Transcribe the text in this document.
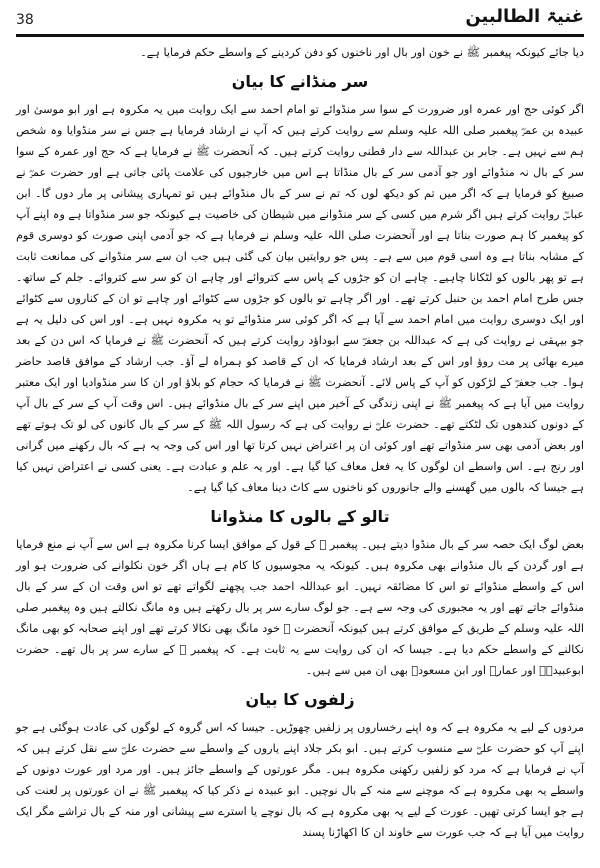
38	غنیۃ الطالبین

دیا جائے کیونکہ پیغمبر ﷺ نے خون اور بال اور ناخنوں کو دفن کردینے کے واسطے حکم فرمایا ہے۔

سر منڈانے کا بیان

اگر کوئی حج اور عمرہ اور ضرورت کے سوا سر منڈوائے تو امام احمد سے ایک روایت میں یہ مکروہ ہے اور ابو موسیٰ اور عبیدہ بن عمرؓ پیغمبر صلی اللہ علیہ وسلم سے روایت کرتے ہیں کہ آپ نے ارشاد فرمایا ہے جس نے سر منڈوایا وہ شخص ہم سے نہیں ہے۔ جابر بن عبداللہ سے دار قطنی روایت کرتے ہیں۔ کہ آنحضرت ﷺ نے فرمایا ہے کہ حج اور عمرہ کے سوا سر کے بال نہ منڈوائے اور جو آدمی سر کے بال منڈاتا ہے اس میں خارجیوں کی علامت پائی جاتی ہے اور حضرت عمرؓ نے صبیغ کو فرمایا ہے کہ اگر میں تم کو دیکھ لوں کہ تم نے سر کے بال منڈوائے ہیں تو تمہاری پیشانی پر مار دوں گا۔ ابن عباسؓ روایت کرتے ہیں اگر شرم میں کسی کے سر منڈوانے میں شیطان کی خاصیت ہے کیونکہ جو سر منڈواتا ہے وہ اپنے آپ کو پیغمبر کا ہم صورت بناتا ہے اور آنحضرت صلی اللہ علیہ وسلم نے فرمایا ہے کہ جو آدمی اپنی صورت کو دوسری قوم کے مشابہ بناتا ہے وہ اسی قوم میں سے ہے۔ پس جو روایتیں بیان کی گئی ہیں جب ان سے سر منڈوانے کی ممانعت ثابت ہے تو پھر بالوں کو لٹکانا چاہیے۔ چاہے ان کو جڑوں کے پاس سے کتروائے اور چاہے ان کو سر سے کتروائے۔ جلم کے ساتھ۔ جس طرح امام احمد بن حنبل کرتے تھے۔ اور اگر چاہے تو بالوں کو جڑوں سے کٹوائے اور چاہے تو ان کے کناروں سے کٹوائے اور ایک دوسری روایت میں امام احمد سے آیا ہے کہ اگر کوئی سر منڈوائے تو یہ مکروہ نہیں ہے۔ اور اس کی دلیل یہ ہے جو بیہقی نے روایت کی ہے کہ عبداللہ بن جعفرؓ سے ابوداؤد روایت کرتے ہیں کہ آنحضرت ﷺ نے فرمایا کہ اس دن کے بعد میرے بھائی پر مت روؤ اور اس کے بعد ارشاد فرمایا کہ ان کے قاصد کو ہمراہ لے آؤ۔ جب ارشاد کے موافق قاصد حاضر ہوا۔ جب جعفرؓ کے لڑکوں کو آپ کے پاس لائے۔ آنحضرت ﷺ نے فرمایا کہ حجام کو بلاؤ اور ان کا سر منڈوادیا اور ایک معتبر روایت میں آیا ہے کہ پیغمبر ﷺ نے اپنی زندگی کے آخیر میں اپنے سر کے بال منڈوائے ہیں۔ اس وقت آپ کے سر کے بال آپ کے دونوں کندھوں تک لٹکتے تھے۔ حضرت علیؓ نے روایت کی ہے کہ رسول اللہ ﷺ کے سر کے بال کانوں کی لو تک ہوتے تھے اور بعض آدمی بھی سر منڈواتے تھے اور کوئی ان پر اعتراض نہیں کرتا تھا اور اس کی وجہ یہ ہے کہ بال رکھنے میں گرانی اور رنج ہے۔ اس واسطے ان لوگوں کا یہ فعل معاف کیا گیا ہے۔ اور یہ علم و عبادت ہے۔ یعنی کسی نے اعتراض نہیں کیا ہے جیسا کہ بالوں میں گھسنے والے جانوروں کو ناخنوں سے کاٹ دینا معاف کیا گیا ہے۔

تالو کے بالوں کا منڈوانا

بعض لوگ ایک حصہ سر کے بال منڈوا دیتے ہیں۔ پیغمبر ﷺ کے قول کے موافق ایسا کرنا مکروہ ہے اس سے آپ نے منع فرمایا ہے اور گردن کے بال منڈوانے بھی مکروہ ہیں۔ کیونکہ یہ مجوسیوں کا کام ہے ہاں اگر خون نکلوانے کی ضرورت ہو اور اس کے واسطے منڈوائے تو اس کا مضائقہ نہیں۔ ابو عبداللہ احمد جب پچھنے لگواتے تھے تو اس وقت ان کے سر کے بال منڈوائے جاتے تھے اور یہ مجبوری کی وجہ سے ہے۔ جو لوگ سارے سر پر بال رکھتے ہیں وہ مانگ نکالتے ہیں وہ پیغمبر صلی اللہ علیہ وسلم کے طریق کے موافق کرتے ہیں کیونکہ آنحضرت ﷺ خود مانگ بھی نکالا کرتے تھے اور اپنے صحابہ کو بھی مانگ نکالنے کے واسطے حکم دیا ہے۔ جیسا کہ ان کی روایت سے یہ ثابت ہے۔ کہ پیغمبر ﷺ کے سارے سر پر بال تھے۔ حضرت ابوعبیدہؓ اور عمارؓ اور ابن مسعودؓ بھی ان میں سے ہیں۔

زلفوں کا بیان

مردوں کے لیے یہ مکروہ ہے کہ وہ اپنے رخساروں پر زلفیں چھوڑیں۔ جیسا کہ اس گروہ کے لوگوں کی عادت ہوگئی ہے جو اپنے آپ کو حضرت علیؓ سے منسوب کرتے ہیں۔ ابو بکر جلاد اپنے یاروں کے واسطے سے حضرت علیؓ سے نقل کرتے ہیں کہ آپ نے فرمایا ہے کہ مرد کو زلفیں رکھنی مکروہ ہیں۔ مگر عورتوں کے واسطے جائز ہیں۔ اور مرد اور عورت دونوں کے واسطے یہ بھی مکروہ ہے کہ موچنے سے منہ کے بال نوچیں۔ ابو عبیدہ نے ذکر کیا کہ پیغمبر ﷺ نے ان عورتوں پر لعنت کی ہے جو ایسا کرتی تھیں۔ عورت کے لیے یہ بھی مکروہ ہے کہ بال نوچے یا استرے سے پیشانی اور منہ کے بال تراشے مگر ایک روایت میں آیا ہے کہ جب عورت سے خاوند ان کا اکھاڑنا پسند
